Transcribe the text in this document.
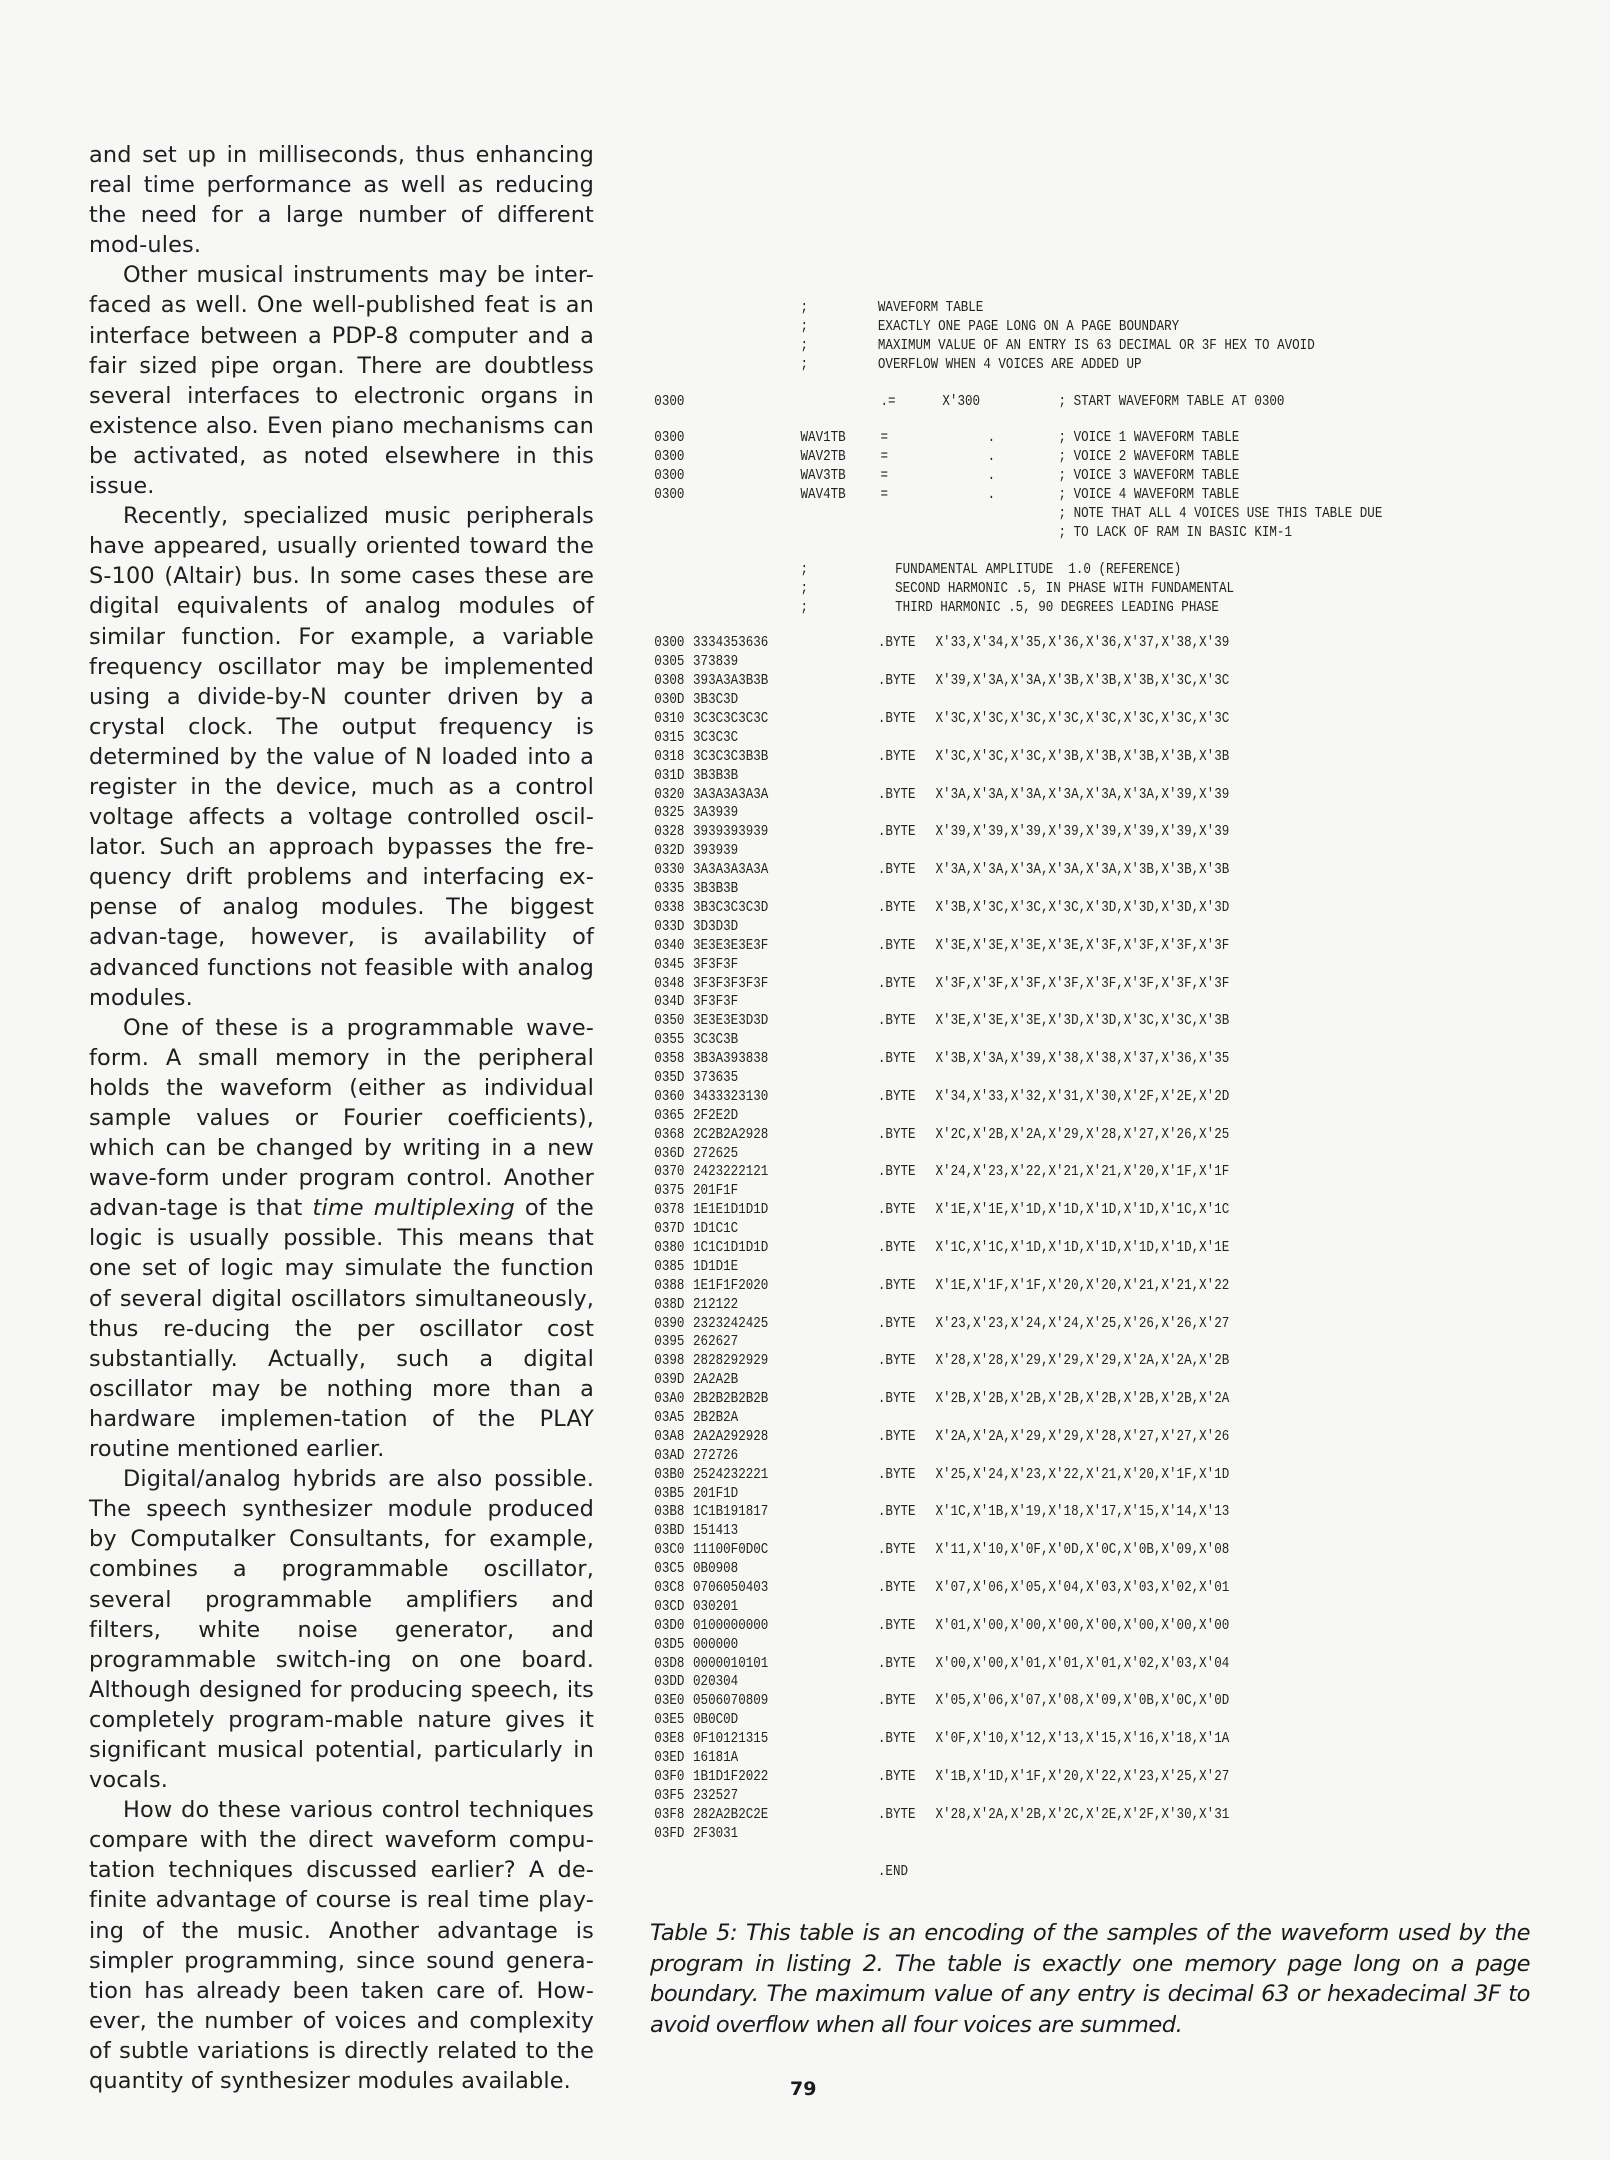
and set up in milliseconds, thus enhancing real time performance as well as reducing the need for a large number of different mod-ules.

Other musical instruments may be inter-faced as well. One well-published feat is an interface between a PDP-8 computer and a fair sized pipe organ. There are doubtless several interfaces to electronic organs in existence also. Even piano mechanisms can be activated, as noted elsewhere in this issue.

Recently, specialized music peripherals have appeared, usually oriented toward the S-100 (Altair) bus. In some cases these are digital equivalents of analog modules of similar function. For example, a variable frequency oscillator may be implemented using a divide-by-N counter driven by a crystal clock. The output frequency is determined by the value of N loaded into a register in the device, much as a control voltage affects a voltage controlled oscil-lator. Such an approach bypasses the fre-quency drift problems and interfacing ex-pense of analog modules. The biggest advan-tage, however, is availability of advanced functions not feasible with analog modules.

One of these is a programmable wave-form. A small memory in the peripheral holds the waveform (either as individual sample values or Fourier coefficients), which can be changed by writing in a new wave-form under program control. Another advan-tage is that time multiplexing of the logic is usually possible. This means that one set of logic may simulate the function of several digital oscillators simultaneously, thus re-ducing the per oscillator cost substantially. Actually, such a digital oscillator may be nothing more than a hardware implemen-tation of the PLAY routine mentioned earlier.

Digital/analog hybrids are also possible. The speech synthesizer module produced by Computalker Consultants, for example, combines a programmable oscillator, several programmable amplifiers and filters, white noise generator, and programmable switch-ing on one board. Although designed for producing speech, its completely program-mable nature gives it significant musical potential, particularly in vocals.

How do these various control techniques compare with the direct waveform compu-tation techniques discussed earlier? A de-finite advantage of course is real time play-ing of the music. Another advantage is simpler programming, since sound genera-tion has already been taken care of. How-ever, the number of voices and complexity of subtle variations is directly related to the quantity of synthesizer modules available.

;	WAVEFORM TABLE
;	EXACTLY ONE PAGE LONG ON A PAGE BOUNDARY
;	MAXIMUM VALUE OF AN ENTRY IS 63 DECIMAL OR 3F HEX TO AVOID
;	OVERFLOW WHEN 4 VOICES ARE ADDED UP
0300	.=	X'300	; START WAVEFORM TABLE AT 0300
0300	WAV1TB =	.	; VOICE 1 WAVEFORM TABLE
0300	WAV2TB =	.	; VOICE 2 WAVEFORM TABLE
0300	WAV3TB =	.	; VOICE 3 WAVEFORM TABLE
0300	WAV4TB =	.	; VOICE 4 WAVEFORM TABLE
; NOTE THAT ALL 4 VOICES USE THIS TABLE DUE
; TO LACK OF RAM IN BASIC KIM-1
;	FUNDAMENTAL AMPLITUDE  1.0 (REFERENCE)
;	SECOND HARMONIC .5, IN PHASE WITH FUNDAMENTAL
;	THIRD HARMONIC .5, 90 DEGREES LEADING PHASE
0300 3334353636	.BYTE X'33,X'34,X'35,X'36,X'36,X'37,X'38,X'39
0305 373839
0308 393A3A3B3B	.BYTE X'39,X'3A,X'3A,X'3B,X'3B,X'3B,X'3C,X'3C
030D 3B3C3D
0310 3C3C3C3C3C	.BYTE X'3C,X'3C,X'3C,X'3C,X'3C,X'3C,X'3C,X'3C
0315 3C3C3C
0318 3C3C3C3B3B	.BYTE X'3C,X'3C,X'3C,X'3B,X'3B,X'3B,X'3B,X'3B
031D 3B3B3B
0320 3A3A3A3A3A	.BYTE X'3A,X'3A,X'3A,X'3A,X'3A,X'3A,X'39,X'39
0325 3A3939
0328 3939393939	.BYTE X'39,X'39,X'39,X'39,X'39,X'39,X'39,X'39
032D 393939
0330 3A3A3A3A3A	.BYTE X'3A,X'3A,X'3A,X'3A,X'3A,X'3B,X'3B,X'3B
0335 3B3B3B
0338 3B3C3C3C3D	.BYTE X'3B,X'3C,X'3C,X'3C,X'3D,X'3D,X'3D,X'3D
033D 3D3D3D
0340 3E3E3E3E3F	.BYTE X'3E,X'3E,X'3E,X'3E,X'3F,X'3F,X'3F,X'3F
0345 3F3F3F
0348 3F3F3F3F3F	.BYTE X'3F,X'3F,X'3F,X'3F,X'3F,X'3F,X'3F,X'3F
034D 3F3F3F
0350 3E3E3E3D3D	.BYTE X'3E,X'3E,X'3E,X'3D,X'3D,X'3C,X'3C,X'3B
0355 3C3C3B
0358 3B3A393838	.BYTE X'3B,X'3A,X'39,X'38,X'38,X'37,X'36,X'35
035D 373635
0360 3433323130	.BYTE X'34,X'33,X'32,X'31,X'30,X'2F,X'2E,X'2D
0365 2F2E2D
0368 2C2B2A2928	.BYTE X'2C,X'2B,X'2A,X'29,X'28,X'27,X'26,X'25
036D 272625
0370 2423222121	.BYTE X'24,X'23,X'22,X'21,X'21,X'20,X'1F,X'1F
0375 201F1F
0378 1E1E1D1D1D	.BYTE X'1E,X'1E,X'1D,X'1D,X'1D,X'1D,X'1C,X'1C
037D 1D1C1C
0380 1C1C1D1D1D	.BYTE X'1C,X'1C,X'1D,X'1D,X'1D,X'1D,X'1D,X'1E
0385 1D1D1E
0388 1E1F1F2020	.BYTE X'1E,X'1F,X'1F,X'20,X'20,X'21,X'21,X'22
038D 212122
0390 2323242425	.BYTE X'23,X'23,X'24,X'24,X'25,X'26,X'26,X'27
0395 262627
0398 2828292929	.BYTE X'28,X'28,X'29,X'29,X'29,X'2A,X'2A,X'2B
039D 2A2A2B
03A0 2B2B2B2B2B	.BYTE X'2B,X'2B,X'2B,X'2B,X'2B,X'2B,X'2B,X'2A
03A5 2B2B2A
03A8 2A2A292928	.BYTE X'2A,X'2A,X'29,X'29,X'28,X'27,X'27,X'26
03AD 272726
03B0 2524232221	.BYTE X'25,X'24,X'23,X'22,X'21,X'20,X'1F,X'1D
03B5 201F1D
03B8 1C1B191817	.BYTE X'1C,X'1B,X'19,X'18,X'17,X'15,X'14,X'13
03BD 151413
03C0 11100F0D0C	.BYTE X'11,X'10,X'0F,X'0D,X'0C,X'0B,X'09,X'08
03C5 0B0908
03C8 0706050403	.BYTE X'07,X'06,X'05,X'04,X'03,X'03,X'02,X'01
03CD 030201
03D0 0100000000	.BYTE X'01,X'00,X'00,X'00,X'00,X'00,X'00,X'00
03D5 000000
03D8 0000010101	.BYTE X'00,X'00,X'01,X'01,X'01,X'02,X'03,X'04
03DD 020304
03E0 0506070809	.BYTE X'05,X'06,X'07,X'08,X'09,X'0B,X'0C,X'0D
03E5 0B0C0D
03E8 0F10121315	.BYTE X'0F,X'10,X'12,X'13,X'15,X'16,X'18,X'1A
03ED 16181A
03F0 1B1D1F2022	.BYTE X'1B,X'1D,X'1F,X'20,X'22,X'23,X'25,X'27
03F5 232527
03F8 282A2B2C2E	.BYTE X'28,X'2A,X'2B,X'2C,X'2E,X'2F,X'30,X'31
03FD 2F3031
.END
Table 5: This table is an encoding of the samples of the waveform used by the program in listing 2. The table is exactly one memory page long on a page boundary. The maximum value of any entry is decimal 63 or hexadecimal 3F to avoid overflow when all four voices are summed.
79
